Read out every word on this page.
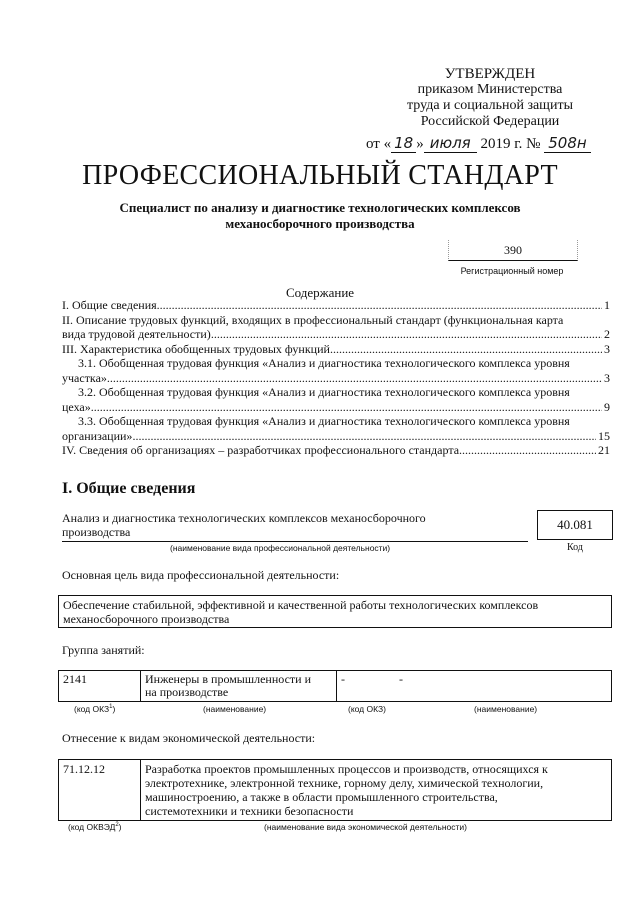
УТВЕРЖДЕН
приказом Министерства
труда и социальной защиты
Российской Федерации
от « 18 » июля 2019 г. № 508н
ПРОФЕССИОНАЛЬНЫЙ СТАНДАРТ
Специалист по анализу и диагностике технологических комплексов
механосборочного производства
390
Регистрационный номер
Содержание
I. Общие сведения .....	1
II. Описание трудовых функций, входящих в профессиональный стандарт (функциональная карта
вида трудовой деятельности) .....	2
III. Характеристика обобщенных трудовых функций .....	3
3.1. Обобщенная трудовая функция «Анализ и диагностика технологического комплекса уровня
участка» .....	3
3.2. Обобщенная трудовая функция «Анализ и диагностика технологического комплекса уровня
цеха» .....	9
3.3. Обобщенная трудовая функция «Анализ и диагностика технологического комплекса уровня
организации» .....	15
IV. Сведения об организациях – разработчиках профессионального стандарта .....	21
I. Общие сведения
Анализ и диагностика технологических комплексов механосборочного
производства
(наименование вида профессиональной деятельности)
40.081
Код
Основная цель вида профессиональной деятельности:
Обеспечение стабильной, эффективной и качественной работы технологических комплексов
механосборочного производства
Группа занятий:
2141	Инженеры в промышленности и
на производстве
-	-
(код ОКЗ$^1$)	(наименование)	(код ОКЗ)	(наименование)
Отнесение к видам экономической деятельности:
71.12.12	Разработка проектов промышленных процессов и производств, относящихся к
электротехнике, электронной технике, горному делу, химической технологии,
машиностроению, а также в области промышленного строительства,
системотехники и техники безопасности
(код ОКВЭД$^2$)	(наименование вида экономической деятельности)
